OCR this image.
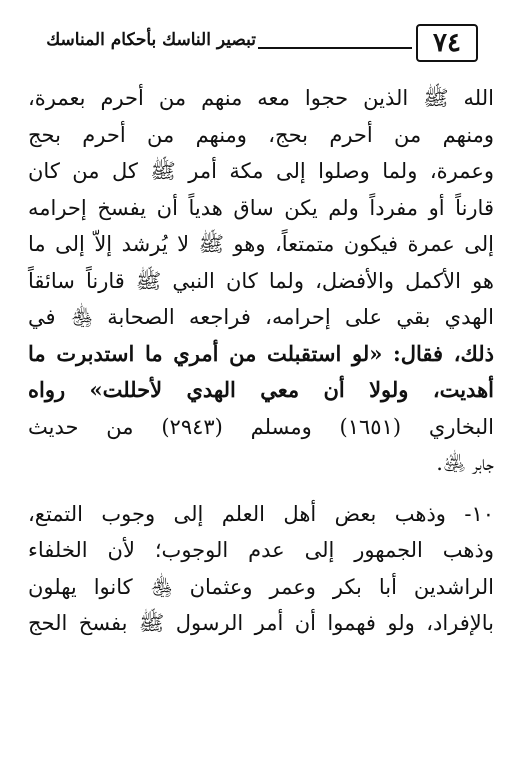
٧٤
تبصير الناسك بأحكام المناسك

الله ﷺ الذين حجوا معه منهم من أحرم بعمرة،
ومنهم من أحرم بحج، ومنهم من أحرم بحج
وعمرة، ولما وصلوا إلى مكة أمر ﷺ كل من كان
قارناً أو مفرداً ولم يكن ساق هدياً أن يفسخ إحرامه
إلى عمرة فيكون متمتعاً، وهو ﷺ لا يُرشد إلاّ إلى ما
هو الأكمل والأفضل، ولما كان النبي ﷺ قارناً سائقاً
الهدي بقي على إحرامه، فراجعه الصحابة ﵃ في
ذلك، فقال: «لو استقبلت من أمري ما استدبرت ما
أهديت، ولولا أن معي الهدي لأحللت» رواه
البخاري (١٦٥١) ومسلم (٢٩٤٣) من حديث
جابر ﵁.

١٠- وذهب بعض أهل العلم إلى وجوب التمتع،
وذهب الجمهور إلى عدم الوجوب؛ لأن الخلفاء
الراشدين أبا بكر وعمر وعثمان ﵃ كانوا يهلون
بالإفراد، ولو فهموا أن أمر الرسول ﷺ بفسخ الحج
